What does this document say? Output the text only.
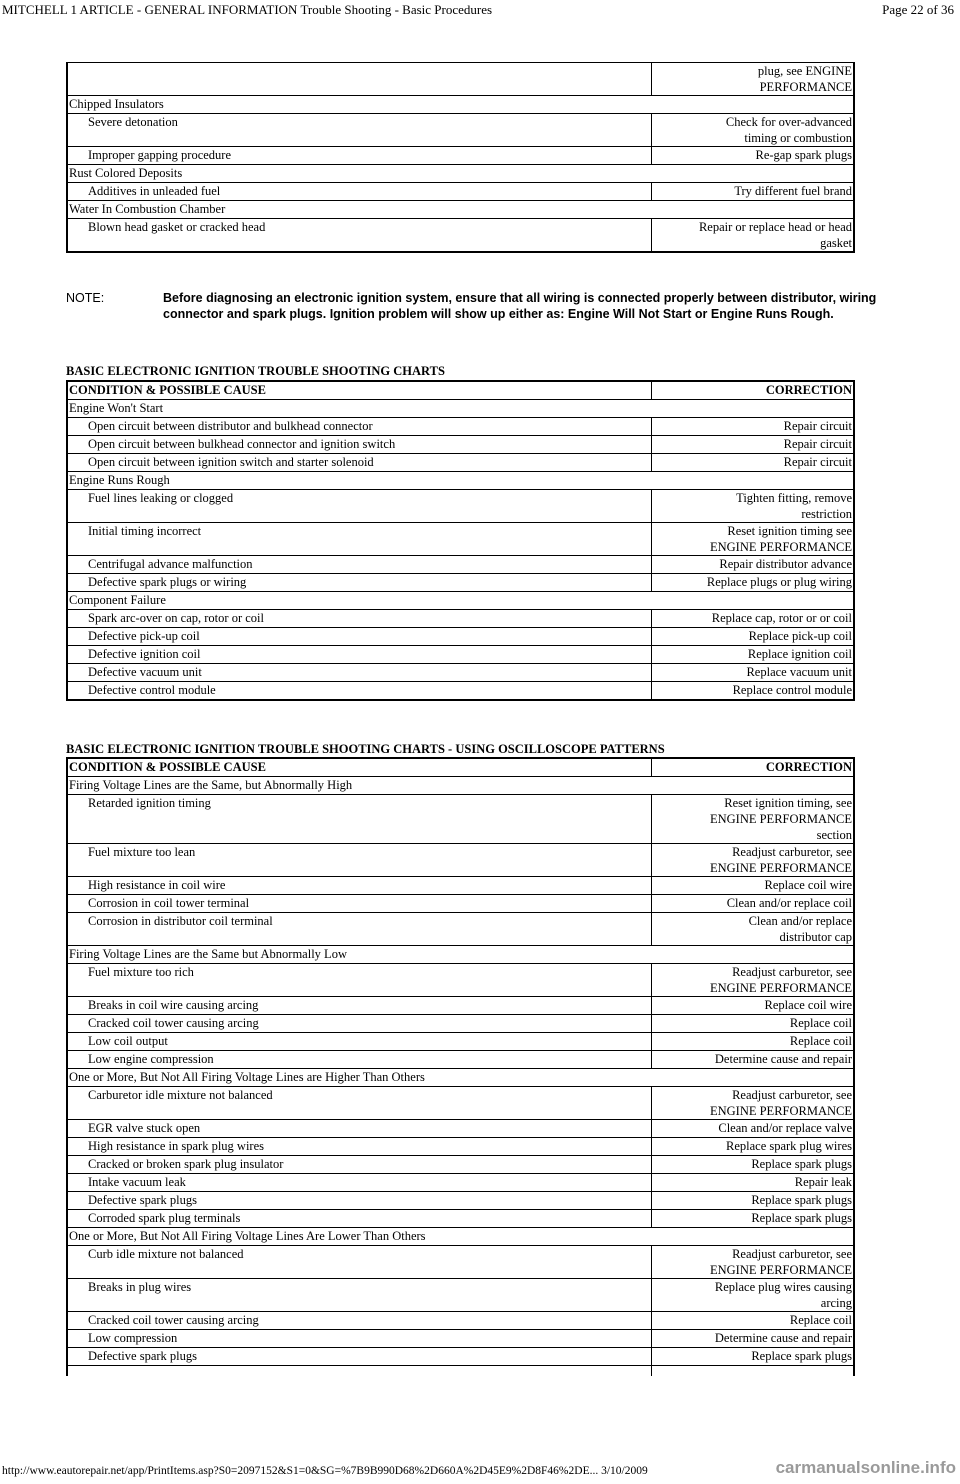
MITCHELL 1 ARTICLE - GENERAL INFORMATION Trouble Shooting - Basic Procedures	Page 22 of 36

	plug, see ENGINE
PERFORMANCE

Chipped Insulators	
Severe detonation	Check for over-advanced
timing or combustion

Improper gapping procedure	Re-gap spark plugs

Rust Colored Deposits	
Additives in unleaded fuel	Try different fuel brand

Water In Combustion Chamber	
Blown head gasket or cracked head	Repair or replace head or head
gasket
NOTE:	Before diagnosing an electronic ignition system, ensure that all wiring is connected properly between distributor, wiring connector and spark plugs. Ignition problem will show up either as: Engine Will Not Start or Engine Runs Rough.
BASIC ELECTRONIC IGNITION TROUBLE SHOOTING CHARTS
CONDITION & POSSIBLE CAUSE	CORRECTION
Engine Won't Start	
Open circuit between distributor and bulkhead connector	Repair circuit

Open circuit between bulkhead connector and ignition switch	Repair circuit

Open circuit between ignition switch and starter solenoid	Repair circuit

Engine Runs Rough	
Fuel lines leaking or clogged	Tighten fitting, remove
restriction

Initial timing incorrect	Reset ignition timing see
ENGINE PERFORMANCE

Centrifugal advance malfunction	Repair distributor advance

Defective spark plugs or wiring	Replace plugs or plug wiring

Component Failure	
Spark arc-over on cap, rotor or coil	Replace cap, rotor or or coil

Defective pick-up coil	Replace pick-up coil

Defective ignition coil	Replace ignition coil

Defective vacuum unit	Replace vacuum unit

Defective control module	Replace control module
BASIC ELECTRONIC IGNITION TROUBLE SHOOTING CHARTS - USING OSCILLOSCOPE PATTERNS
CONDITION & POSSIBLE CAUSE	CORRECTION
Firing Voltage Lines are the Same, but Abnormally High	
Retarded ignition timing	Reset ignition timing, see
ENGINE PERFORMANCE
section

Fuel mixture too lean	Readjust carburetor, see
ENGINE PERFORMANCE

High resistance in coil wire	Replace coil wire

Corrosion in coil tower terminal	Clean and/or replace coil

Corrosion in distributor coil terminal	Clean and/or replace
distributor cap

Firing Voltage Lines are the Same but Abnormally Low	
Fuel mixture too rich	Readjust carburetor, see
ENGINE PERFORMANCE

Breaks in coil wire causing arcing	Replace coil wire

Cracked coil tower causing arcing	Replace coil

Low coil output	Replace coil

Low engine compression	Determine cause and repair

One or More, But Not All Firing Voltage Lines are Higher Than Others	
Carburetor idle mixture not balanced	Readjust carburetor, see
ENGINE PERFORMANCE

EGR valve stuck open	Clean and/or replace valve

High resistance in spark plug wires	Replace spark plug wires

Cracked or broken spark plug insulator	Replace spark plugs

Intake vacuum leak	Repair leak

Defective spark plugs	Replace spark plugs

Corroded spark plug terminals	Replace spark plugs

One or More, But Not All Firing Voltage Lines Are Lower Than Others	
Curb idle mixture not balanced	Readjust carburetor, see
ENGINE PERFORMANCE

Breaks in plug wires	Replace plug wires causing
arcing

Cracked coil tower causing arcing	Replace coil

Low compression	Determine cause and repair

Defective spark plugs	Replace spark plugs

http://www.eautorepair.net/app/PrintItems.asp?S0=2097152&S1=0&SG=%7B9B990D68%2D660A%2D45E9%2D8F46%2DE... 3/10/2009	carmanualsonline.info
